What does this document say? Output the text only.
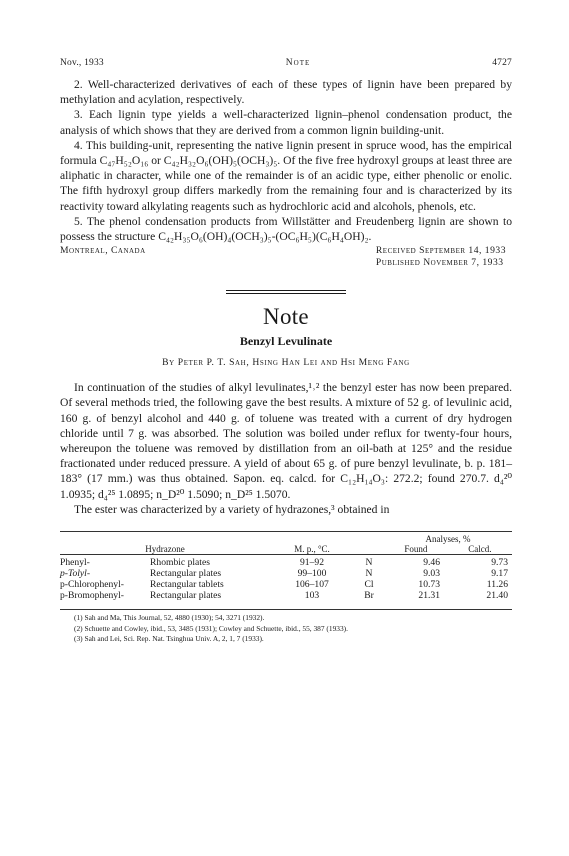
Nov., 1933	Note	4727

2. Well-characterized derivatives of each of these types of lignin have been prepared by methylation and acylation, respectively.

3. Each lignin type yields a well-characterized lignin–phenol condensation product, the analysis of which shows that they are derived from a common lignin building-unit.

4. This building-unit, representing the native lignin present in spruce wood, has the empirical formula C₄₇H₅₂O₁₆ or C₄₂H₃₂O₆(OH)₅(OCH₃)₅. Of the five free hydroxyl groups at least three are aliphatic in character, while one of the remainder is of an acidic type, either phenolic or enolic. The fifth hydroxyl group differs markedly from the remaining four and is characterized by its reactivity toward alkylating reagents such as hydrochloric acid and alcohols, phenols, etc.

5. The phenol condensation products from Willstätter and Freudenberg lignin are shown to possess the structure C₄₂H₃₅O₆(OH)₄(OCH₃)₅-(OC₆H₅)(C₆H₄OH)₂.

Montreal, Canada	Received September 14, 1933
Published November 7, 1933
Note
Benzyl Levulinate
By Peter P. T. Sah, Hsing Han Lei and Hsi Meng Fang

In continuation of the studies of alkyl levulinates,¹˒² the benzyl ester has now been prepared. Of several methods tried, the following gave the best results. A mixture of 52 g. of levulinic acid, 160 g. of benzyl alcohol and 440 g. of toluene was treated with a current of dry hydrogen chloride until 7 g. was absorbed. The solution was boiled under reflux for twenty-four hours, whereupon the toluene was removed by distillation from an oil-bath at 125° and the residue fractionated under reduced pressure. A yield of about 65 g. of pure benzyl levulinate, b. p. 181–183° (17 mm.) was thus obtained. Sapon. eq. calcd. for C₁₂H₁₄O₃: 272.2; found 270.7. d₄²⁰ 1.0935; d₄²⁵ 1.0895; n_D²⁰ 1.5090; n_D²⁵ 1.5070.

The ester was characterized by a variety of hydrazones,³ obtained in

Hydrazone		M. p., °C.		Analyses, %
Found Calcd.	

Phenyl-	Rhombic plates	91–92	N	9.46	9.73
p-Tolyl-	Rectangular plates	99–100	N	9.03	9.17
p-Chlorophenyl-	Rectangular tablets	106–107	Cl	10.73	11.26
p-Bromophenyl-	Rectangular plates	103	Br	21.31	21.40
(1) Sah and Ma, This Journal, 52, 4880 (1930); 54, 3271 (1932).
(2) Schuette and Cowley, ibid., 53, 3485 (1931); Cowley and Schuette, ibid., 55, 387 (1933).
(3) Sah and Lei, Sci. Rep. Nat. Tsinghua Univ. A, 2, 1, 7 (1933).
